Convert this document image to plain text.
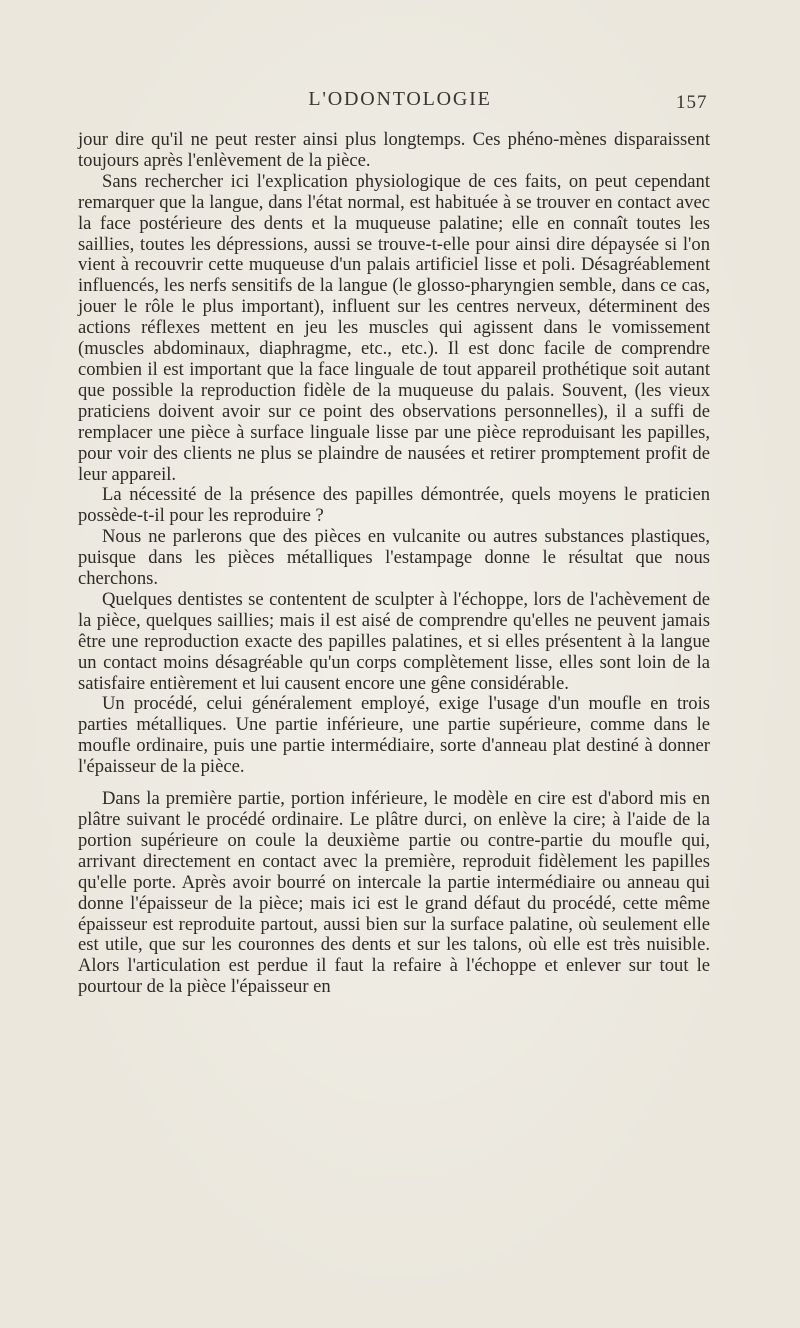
L'ODONTOLOGIE	157

jour dire qu'il ne peut rester ainsi plus longtemps. Ces phéno-mènes disparaissent toujours après l'enlèvement de la pièce.

Sans rechercher ici l'explication physiologique de ces faits, on peut cependant remarquer que la langue, dans l'état normal, est habituée à se trouver en contact avec la face postérieure des dents et la muqueuse palatine; elle en connaît toutes les saillies, toutes les dépressions, aussi se trouve-t-elle pour ainsi dire dépaysée si l'on vient à recouvrir cette muqueuse d'un palais artificiel lisse et poli. Désagréablement influencés, les nerfs sensitifs de la langue (le glosso-pharyngien semble, dans ce cas, jouer le rôle le plus important), influent sur les centres nerveux, déterminent des actions réflexes mettent en jeu les muscles qui agissent dans le vomissement (muscles abdominaux, diaphragme, etc., etc.). Il est donc facile de comprendre combien il est important que la face linguale de tout appareil prothétique soit autant que possible la reproduction fidèle de la muqueuse du palais. Souvent, (les vieux praticiens doivent avoir sur ce point des observations personnelles), il a suffi de remplacer une pièce à surface linguale lisse par une pièce reproduisant les papilles, pour voir des clients ne plus se plaindre de nausées et retirer promptement profit de leur appareil.

La nécessité de la présence des papilles démontrée, quels moyens le praticien possède-t-il pour les reproduire ?

Nous ne parlerons que des pièces en vulcanite ou autres substances plastiques, puisque dans les pièces métalliques l'estampage donne le résultat que nous cherchons.

Quelques dentistes se contentent de sculpter à l'échoppe, lors de l'achèvement de la pièce, quelques saillies; mais il est aisé de comprendre qu'elles ne peuvent jamais être une reproduction exacte des papilles palatines, et si elles présentent à la langue un contact moins désagréable qu'un corps complètement lisse, elles sont loin de la satisfaire entièrement et lui causent encore une gêne considérable.

Un procédé, celui généralement employé, exige l'usage d'un moufle en trois parties métalliques. Une partie inférieure, une partie supérieure, comme dans le moufle ordinaire, puis une partie intermédiaire, sorte d'anneau plat destiné à donner l'épaisseur de la pièce.

Dans la première partie, portion inférieure, le modèle en cire est d'abord mis en plâtre suivant le procédé ordinaire. Le plâtre durci, on enlève la cire; à l'aide de la portion supérieure on coule la deuxième partie ou contre-partie du moufle qui, arrivant directement en contact avec la première, reproduit fidèlement les papilles qu'elle porte. Après avoir bourré on intercale la partie intermédiaire ou anneau qui donne l'épaisseur de la pièce; mais ici est le grand défaut du procédé, cette même épaisseur est reproduite partout, aussi bien sur la surface palatine, où seulement elle est utile, que sur les couronnes des dents et sur les talons, où elle est très nuisible. Alors l'articulation est perdue il faut la refaire à l'échoppe et enlever sur tout le pourtour de la pièce l'épaisseur en
